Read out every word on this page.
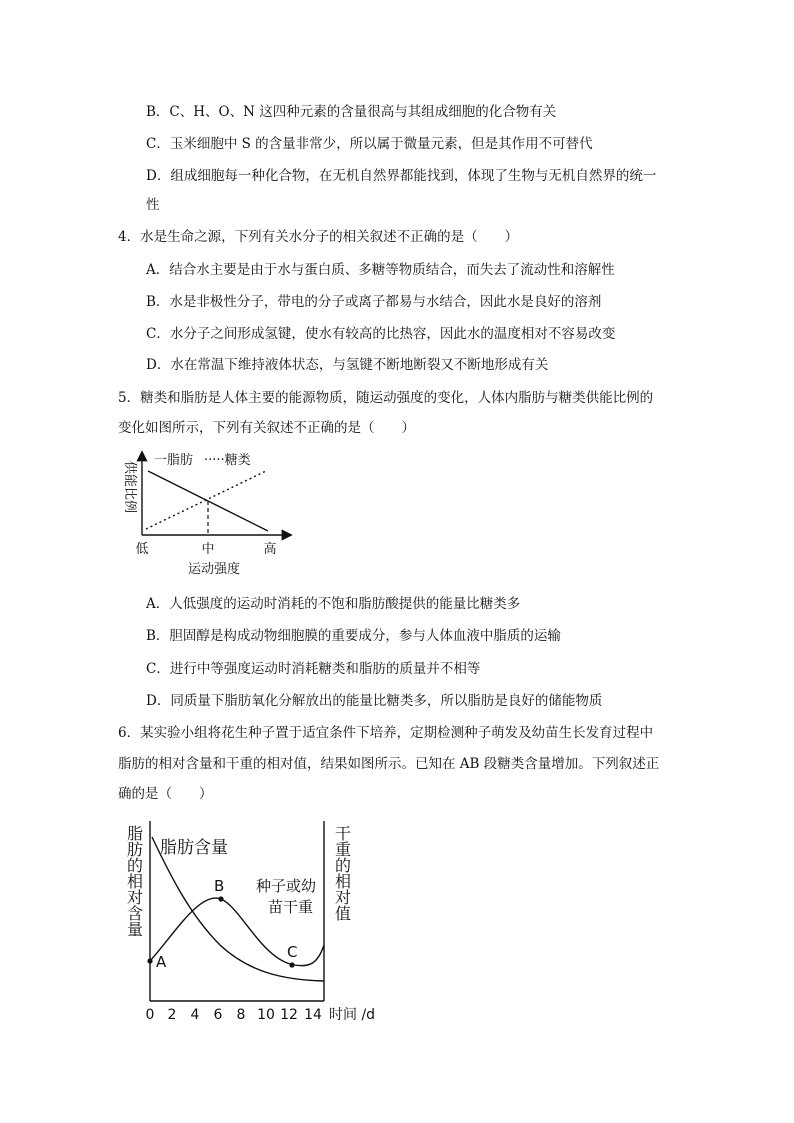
B．C、H、O、N 这四种元素的含量很高与其组成细胞的化合物有关
C．玉米细胞中 S 的含量非常少，所以属于微量元素，但是其作用不可替代
D．组成细胞每一种化合物，在无机自然界都能找到，体现了生物与无机自然界的统一
性
4．水是生命之源，下列有关水分子的相关叙述不正确的是（　　）
A．结合水主要是由于水与蛋白质、多糖等物质结合，而失去了流动性和溶解性
B．水是非极性分子，带电的分子或离子都易与水结合，因此水是良好的溶剂
C．水分子之间形成氢键，使水有较高的比热容，因此水的温度相对不容易改变
D．水在常温下维持液体状态，与氢键不断地断裂又不断地形成有关
5．糖类和脂肪是人体主要的能源物质，随运动强度的变化，人体内脂肪与糖类供能比例的
变化如图所示，下列有关叙述不正确的是（　　）
一脂肪 ·····糖类
供能比例
低	中	高
运动强度
A．人低强度的运动时消耗的不饱和脂肪酸提供的能量比糖类多
B．胆固醇是构成动物细胞膜的重要成分，参与人体血液中脂质的运输
C．进行中等强度运动时消耗糖类和脂肪的质量并不相等
D．同质量下脂肪氧化分解放出的能量比糖类多，所以脂肪是良好的储能物质
6．某实验小组将花生种子置于适宜条件下培养，定期检测种子萌发及幼苗生长发育过程中
脂肪的相对含量和干重的相对值，结果如图所示。已知在 AB 段糖类含量增加。下列叙述正
确的是（　　）
A
B
C
脂肪含量
种子或幼
苗干重
脂肪的相对含量	干重的相对值
0 2 4 6 8 10 12 14 时间 /d
